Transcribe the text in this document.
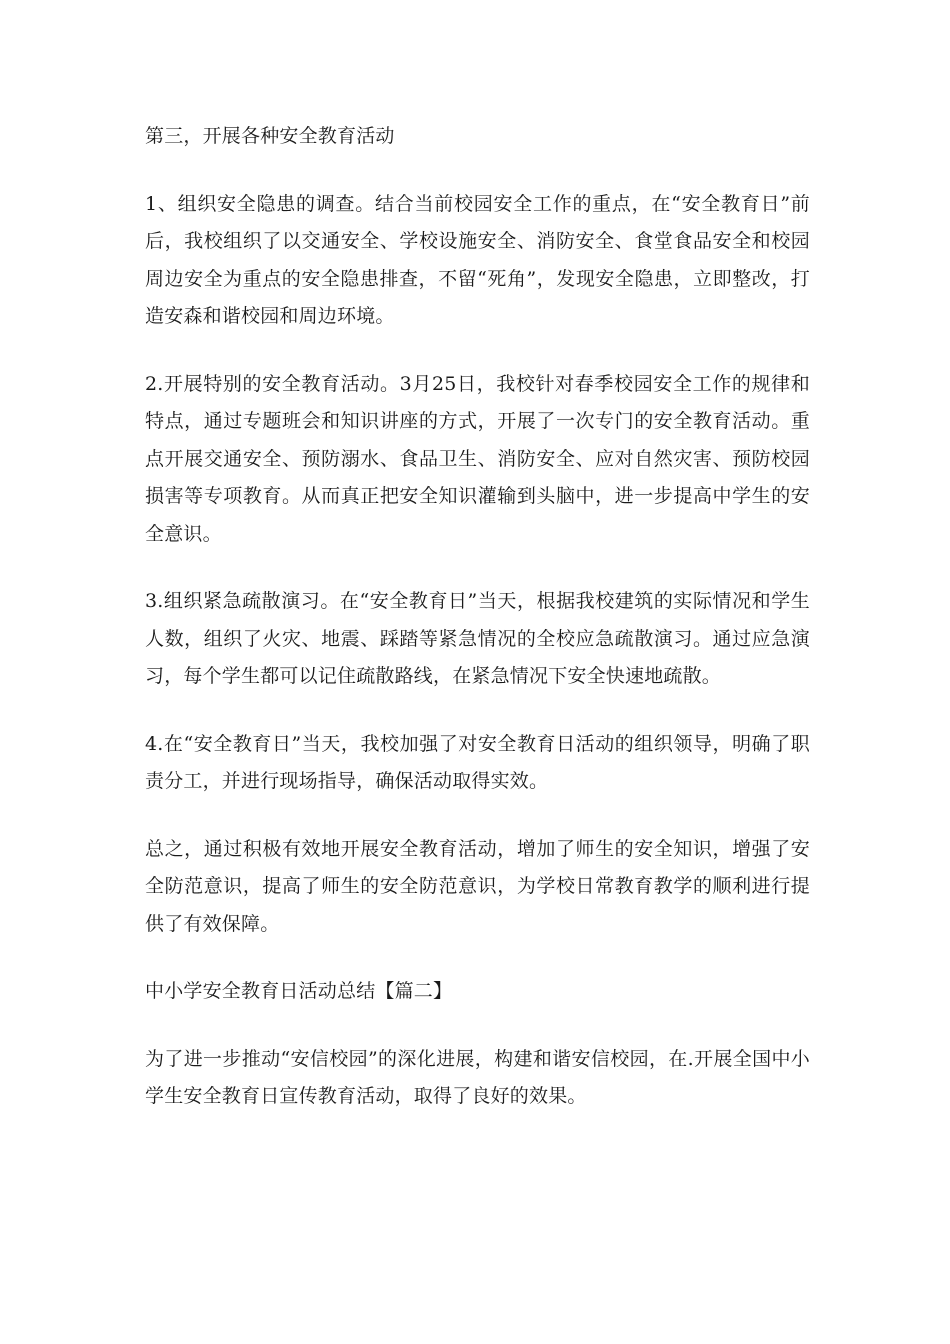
第三，开展各种安全教育活动

1、组织安全隐患的调查。结合当前校园安全工作的重点，在“安全教育日”前后，我校组织了以交通安全、学校设施安全、消防安全、食堂食品安全和校园周边安全为重点的安全隐患排查，不留“死角”，发现安全隐患，立即整改，打造安森和谐校园和周边环境。

2.开展特别的安全教育活动。3月25日，我校针对春季校园安全工作的规律和特点，通过专题班会和知识讲座的方式，开展了一次专门的安全教育活动。重点开展交通安全、预防溺水、食品卫生、消防安全、应对自然灾害、预防校园损害等专项教育。从而真正把安全知识灌输到头脑中，进一步提高中学生的安全意识。

3.组织紧急疏散演习。在“安全教育日”当天，根据我校建筑的实际情况和学生人数，组织了火灾、地震、踩踏等紧急情况的全校应急疏散演习。通过应急演习，每个学生都可以记住疏散路线，在紧急情况下安全快速地疏散。

4.在“安全教育日”当天，我校加强了对安全教育日活动的组织领导，明确了职责分工，并进行现场指导，确保活动取得实效。

总之，通过积极有效地开展安全教育活动，增加了师生的安全知识，增强了安全防范意识，提高了师生的安全防范意识，为学校日常教育教学的顺利进行提供了有效保障。

中小学安全教育日活动总结【篇二】

为了进一步推动“安信校园”的深化进展，构建和谐安信校园，在.开展全国中小学生安全教育日宣传教育活动，取得了良好的效果。
